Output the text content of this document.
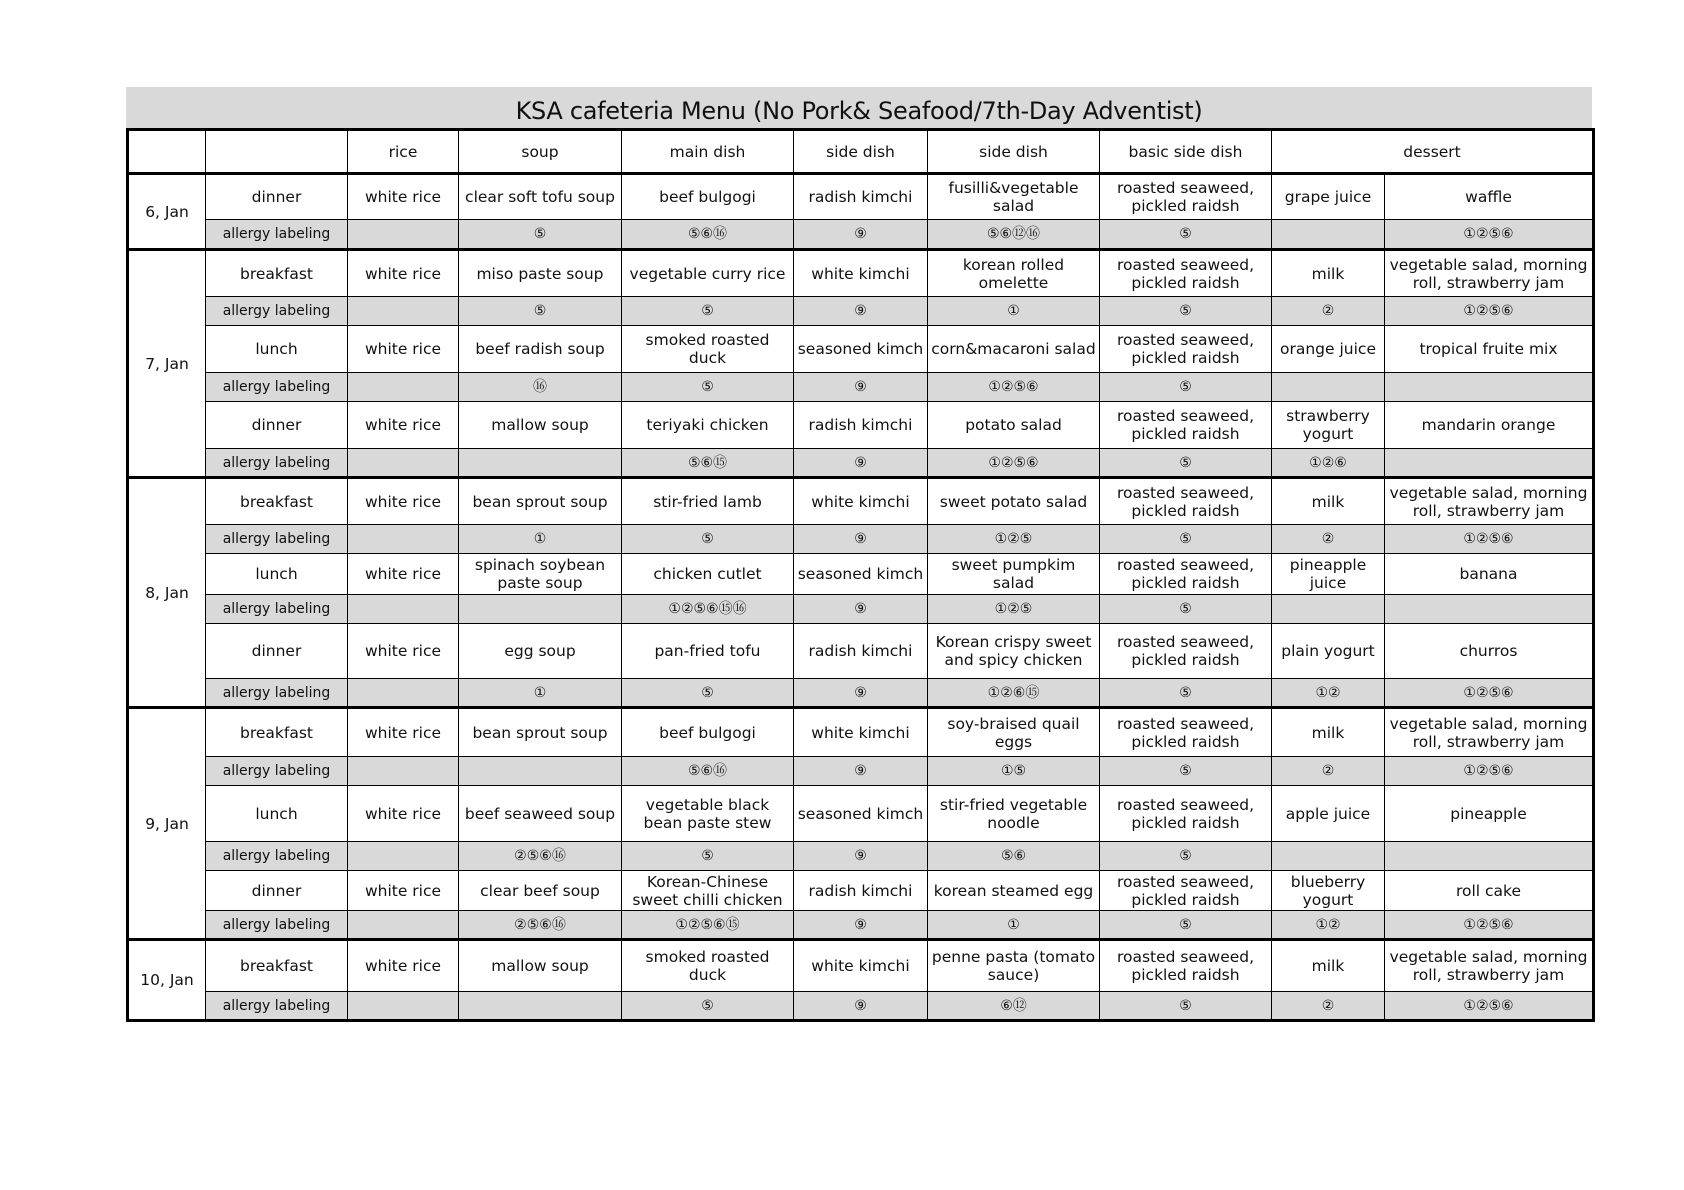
KSA cafeteria Menu (No Pork& Seafood/7th-Day Adventist)
		rice	soup	main dish	side dish	side dish	basic side dish	dessert	
6, Jan	dinner	white rice	clear soft tofu soup	beef bulgogi	radish kimchi	fusilli&vegetable salad	roasted seaweed, pickled raidsh	grape juice	waffle
	allergy labeling		⑤	⑤⑥⑯	⑨	⑤⑥⑫⑯	⑤		①②⑤⑥
7, Jan	breakfast	white rice	miso paste soup	vegetable curry rice	white kimchi	korean rolled omelette	roasted seaweed, pickled raidsh	milk	vegetable salad, morning roll, strawberry jam
	allergy labeling		⑤	⑤	⑨	①	⑤	②	①②⑤⑥
	lunch	white rice	beef radish soup	smoked roasted duck	seasoned kimch	corn&macaroni salad	roasted seaweed, pickled raidsh	orange juice	tropical fruite mix
	allergy labeling		⑯	⑤	⑨	①②⑤⑥	⑤		
	dinner	white rice	mallow soup	teriyaki chicken	radish kimchi	potato salad	roasted seaweed, pickled raidsh	strawberry yogurt	mandarin orange
	allergy labeling			⑤⑥⑮	⑨	①②⑤⑥	⑤	①②⑥	
8, Jan	breakfast	white rice	bean sprout soup	stir-fried lamb	white kimchi	sweet potato salad	roasted seaweed, pickled raidsh	milk	vegetable salad, morning roll, strawberry jam
	allergy labeling		①	⑤	⑨	①②⑤	⑤	②	①②⑤⑥
	lunch	white rice	spinach soybean paste soup	chicken cutlet	seasoned kimch	sweet pumpkim salad	roasted seaweed, pickled raidsh	pineapple juice	banana
	allergy labeling			①②⑤⑥⑮⑯	⑨	①②⑤	⑤		
	dinner	white rice	egg soup	pan-fried tofu	radish kimchi	Korean crispy sweet and spicy chicken	roasted seaweed, pickled raidsh	plain yogurt	churros
	allergy labeling		①	⑤	⑨	①②⑥⑮	⑤	①②	①②⑤⑥
9, Jan	breakfast	white rice	bean sprout soup	beef bulgogi	white kimchi	soy-braised quail eggs	roasted seaweed, pickled raidsh	milk	vegetable salad, morning roll, strawberry jam
	allergy labeling			⑤⑥⑯	⑨	①⑤	⑤	②	①②⑤⑥
	lunch	white rice	beef seaweed soup	vegetable black bean paste stew	seasoned kimch	stir-fried vegetable noodle	roasted seaweed, pickled raidsh	apple juice	pineapple
	allergy labeling		②⑤⑥⑯	⑤	⑨	⑤⑥	⑤		
	dinner	white rice	clear beef soup	Korean-Chinese sweet chilli chicken	radish kimchi	korean steamed egg	roasted seaweed, pickled raidsh	blueberry yogurt	roll cake
	allergy labeling		②⑤⑥⑯	①②⑤⑥⑮	⑨	①	⑤	①②	①②⑤⑥
10, Jan	breakfast	white rice	mallow soup	smoked roasted duck	white kimchi	penne pasta (tomato sauce)	roasted seaweed, pickled raidsh	milk	vegetable salad, morning roll, strawberry jam
	allergy labeling			⑤	⑨	⑥⑫	⑤	②	①②⑤⑥
